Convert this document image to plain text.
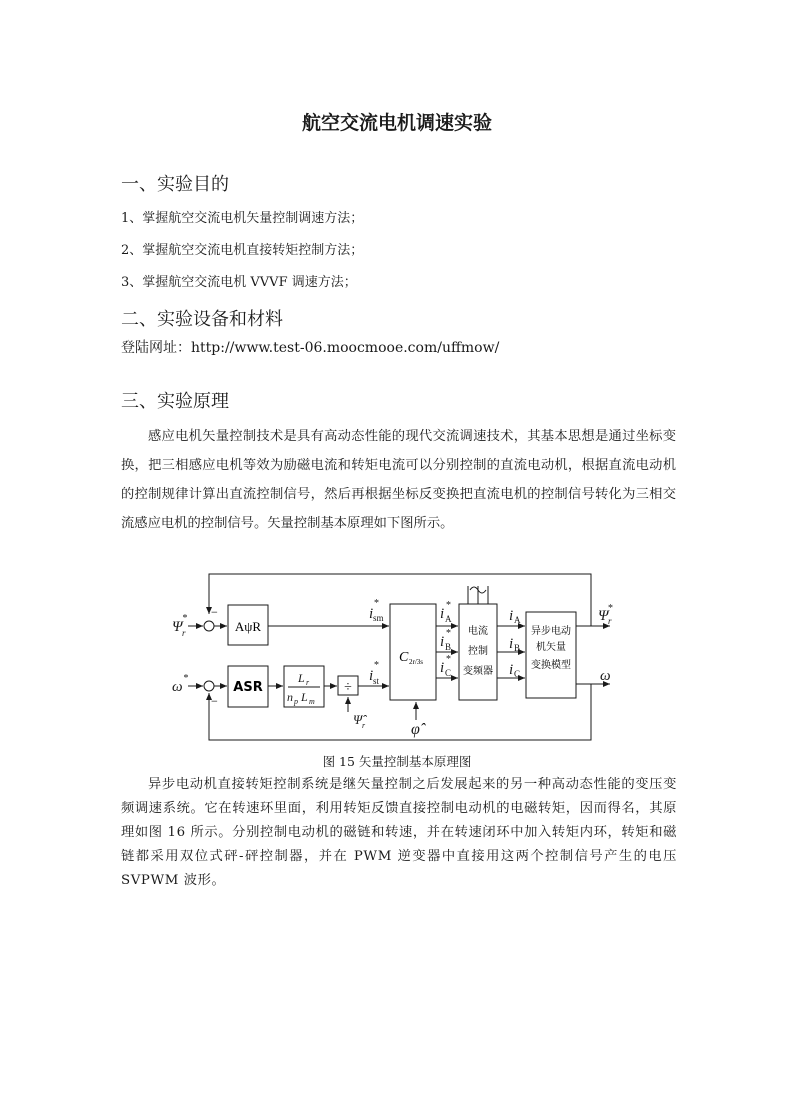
航空交流电机调速实验
一、实验目的
1、掌握航空交流电机矢量控制调速方法；
2、掌握航空交流电机直接转矩控制方法；
3、掌握航空交流电机 VVVF 调速方法；
二、实验设备和材料
登陆网址：http://www.test-06.moocmooe.com/uffmow/
三、实验原理

感应电机矢量控制技术是具有高动态性能的现代交流调速技术，其基本思想是通过坐标变换，把三相感应电机等效为励磁电流和转矩电流可以分别控制的直流电动机，根据直流电动机的控制规律计算出直流控制信号，然后再根据坐标反变换把直流电机的控制信号转化为三相交流感应电机的控制信号。矢量控制基本原理如下图所示。

Ψ r
*
ω
*
−
−
AψR
ASR
L r
n p L m
÷
C 2r/3s
电流
控制
变频器
异步电动
机矢量
变换模型
i
*
sm
i
*
st
i
*
A
i
*
B
i
*
C
i A
i B
i C
Ψ r
*
ω
Ψ̂ r	φ̂
图 15 矢量控制基本原理图

异步电动机直接转矩控制系统是继矢量控制之后发展起来的另一种高动态性能的变压变频调速系统。它在转速环里面，利用转矩反馈直接控制电动机的电磁转矩，因而得名，其原理如图 16 所示。分别控制电动机的磁链和转速，并在转速闭环中加入转矩内环，转矩和磁链都采用双位式砰-砰控制器，并在 PWM 逆变器中直接用这两个控制信号产生的电压 SVPWM 波形。
